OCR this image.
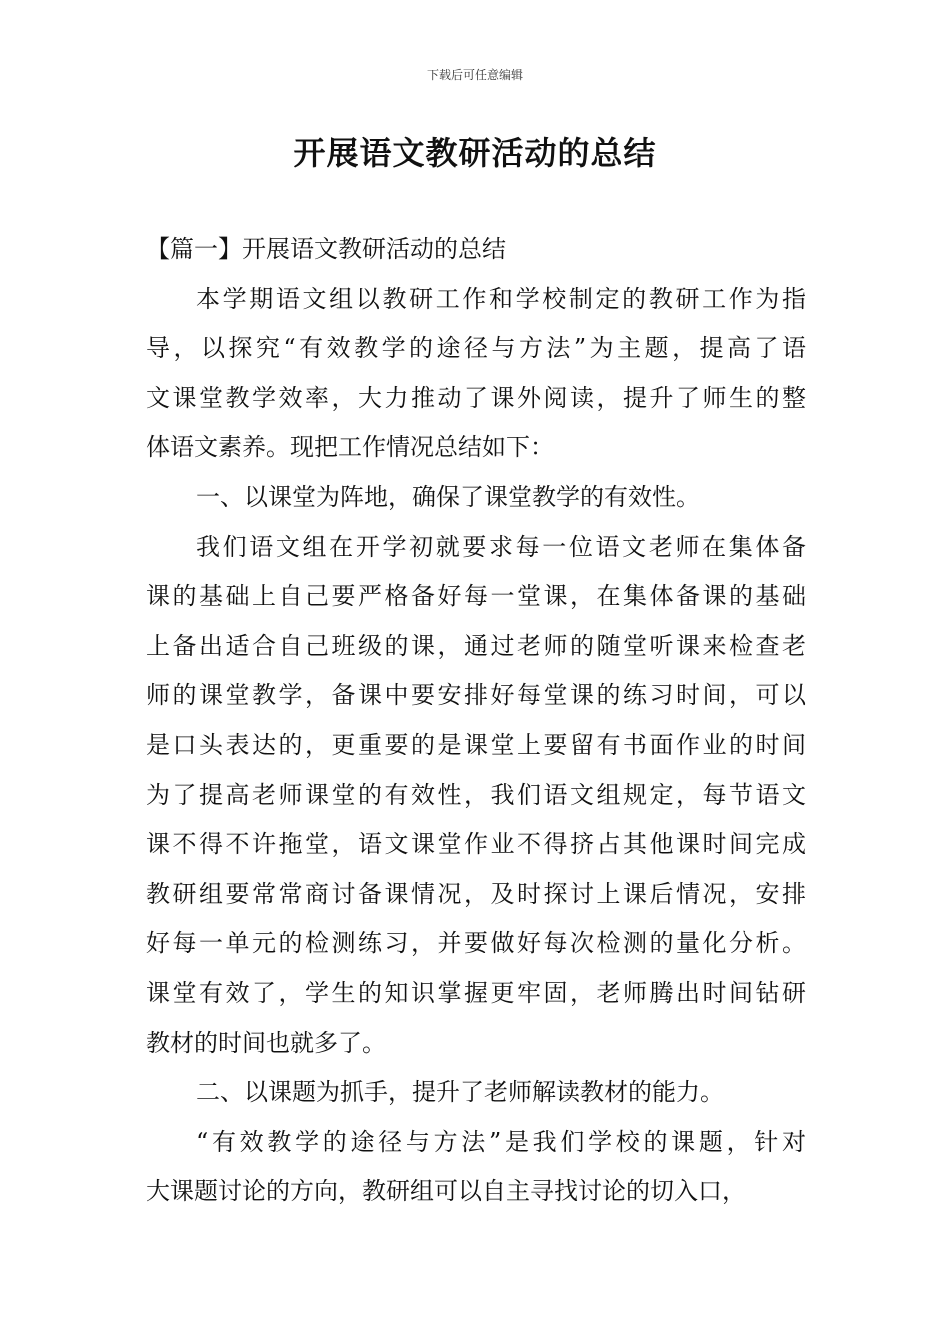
下载后可任意编辑
开展语文教研活动的总结
【篇一】开展语文教研活动的总结
本学期语文组以教研工作和学校制定的教研工作为指
导，以探究“有效教学的途径与方法”为主题，提高了语
文课堂教学效率，大力推动了课外阅读，提升了师生的整
体语文素养。现把工作情况总结如下：
一、以课堂为阵地，确保了课堂教学的有效性。
我们语文组在开学初就要求每一位语文老师在集体备
课的基础上自己要严格备好每一堂课，在集体备课的基础
上备出适合自己班级的课，通过老师的随堂听课来检查老
师的课堂教学，备课中要安排好每堂课的练习时间，可以
是口头表达的，更重要的是课堂上要留有书面作业的时间
为了提高老师课堂的有效性，我们语文组规定，每节语文
课不得不许拖堂，语文课堂作业不得挤占其他课时间完成
教研组要常常商讨备课情况，及时探讨上课后情况，安排
好每一单元的检测练习，并要做好每次检测的量化分析。
课堂有效了，学生的知识掌握更牢固，老师腾出时间钻研
教材的时间也就多了。
二、以课题为抓手，提升了老师解读教材的能力。
“有效教学的途径与方法”是我们学校的课题，针对
大课题讨论的方向，教研组可以自主寻找讨论的切入口，
